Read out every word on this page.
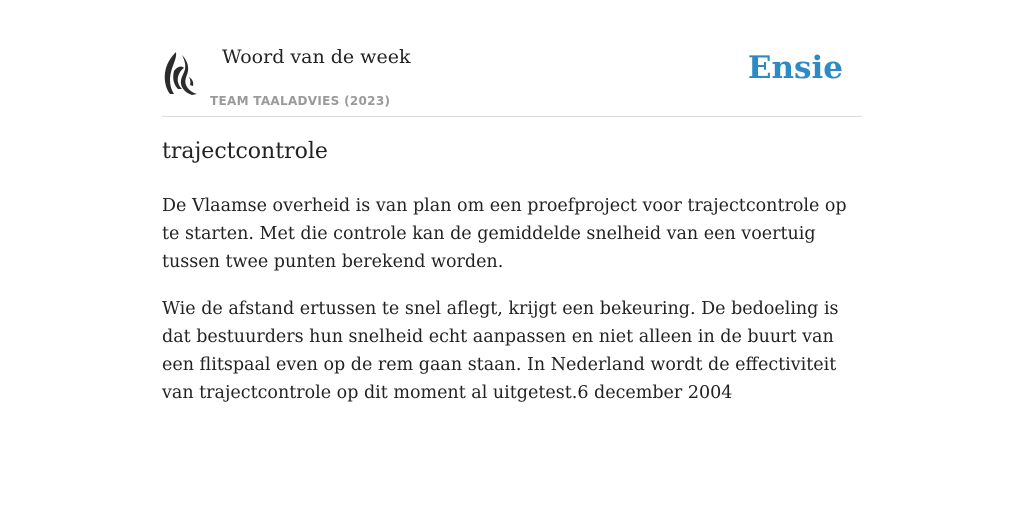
Woord van de week
TEAM TAALADVIES (2023)
Ensie
trajectcontrole

De Vlaamse overheid is van plan om een proefproject voor trajectcontrole op te starten. Met die controle kan de gemiddelde snelheid van een voertuig tussen twee punten berekend worden.

Wie de afstand ertussen te snel aflegt, krijgt een bekeuring. De bedoeling is dat bestuurders hun snelheid echt aanpassen en niet alleen in de buurt van een flitspaal even op de rem gaan staan. In Nederland wordt de effectiviteit van trajectcontrole op dit moment al uitgetest.6 december 2004
